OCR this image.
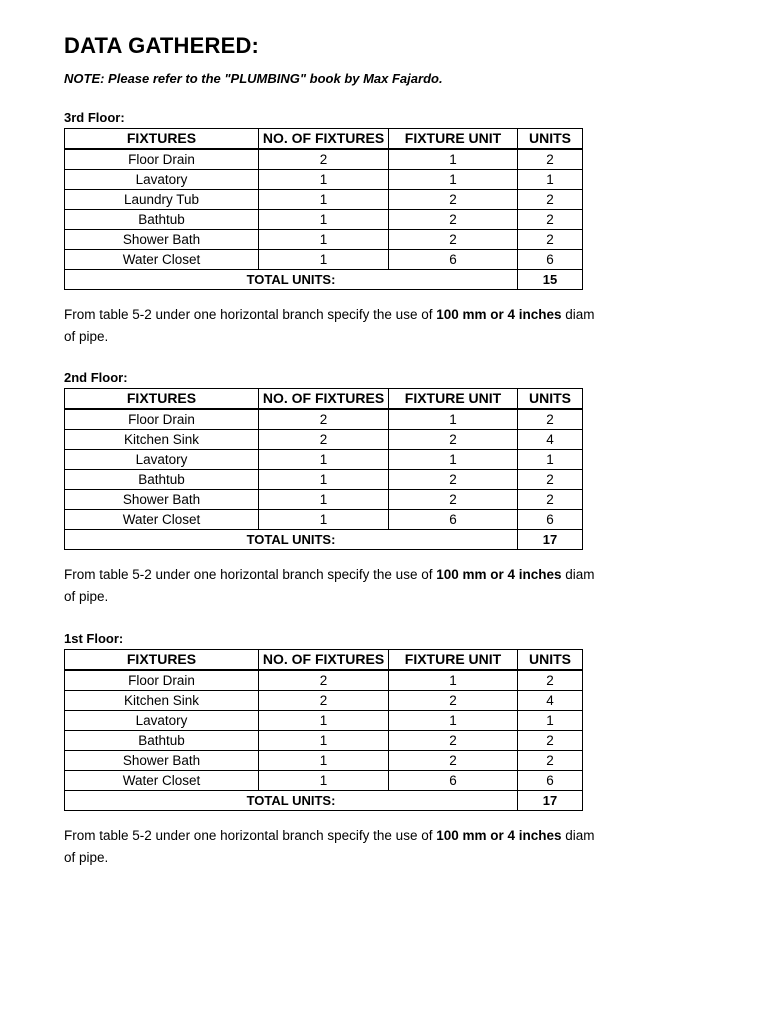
DATA GATHERED:
NOTE: Please refer to the "PLUMBING" book by Max Fajardo.
3rd Floor:
FIXTURES	NO. OF FIXTURES	FIXTURE UNIT	UNITS
Floor Drain	2	1	2
Lavatory	1	1	1
Laundry Tub	1	2	2
Bathtub	1	2	2
Shower Bath	1	2	2
Water Closet	1	6	6
TOTAL UNITS:			15
From table 5-2 under one horizontal branch specify the use of 100 mm or 4 inches diam
of pipe.
2nd Floor:
FIXTURES	NO. OF FIXTURES	FIXTURE UNIT	UNITS
Floor Drain	2	1	2
Kitchen Sink	2	2	4
Lavatory	1	1	1
Bathtub	1	2	2
Shower Bath	1	2	2
Water Closet	1	6	6
TOTAL UNITS:			17
From table 5-2 under one horizontal branch specify the use of 100 mm or 4 inches diam
of pipe.
1st Floor:
FIXTURES	NO. OF FIXTURES	FIXTURE UNIT	UNITS
Floor Drain	2	1	2
Kitchen Sink	2	2	4
Lavatory	1	1	1
Bathtub	1	2	2
Shower Bath	1	2	2
Water Closet	1	6	6
TOTAL UNITS:			17
From table 5-2 under one horizontal branch specify the use of 100 mm or 4 inches diam
of pipe.
